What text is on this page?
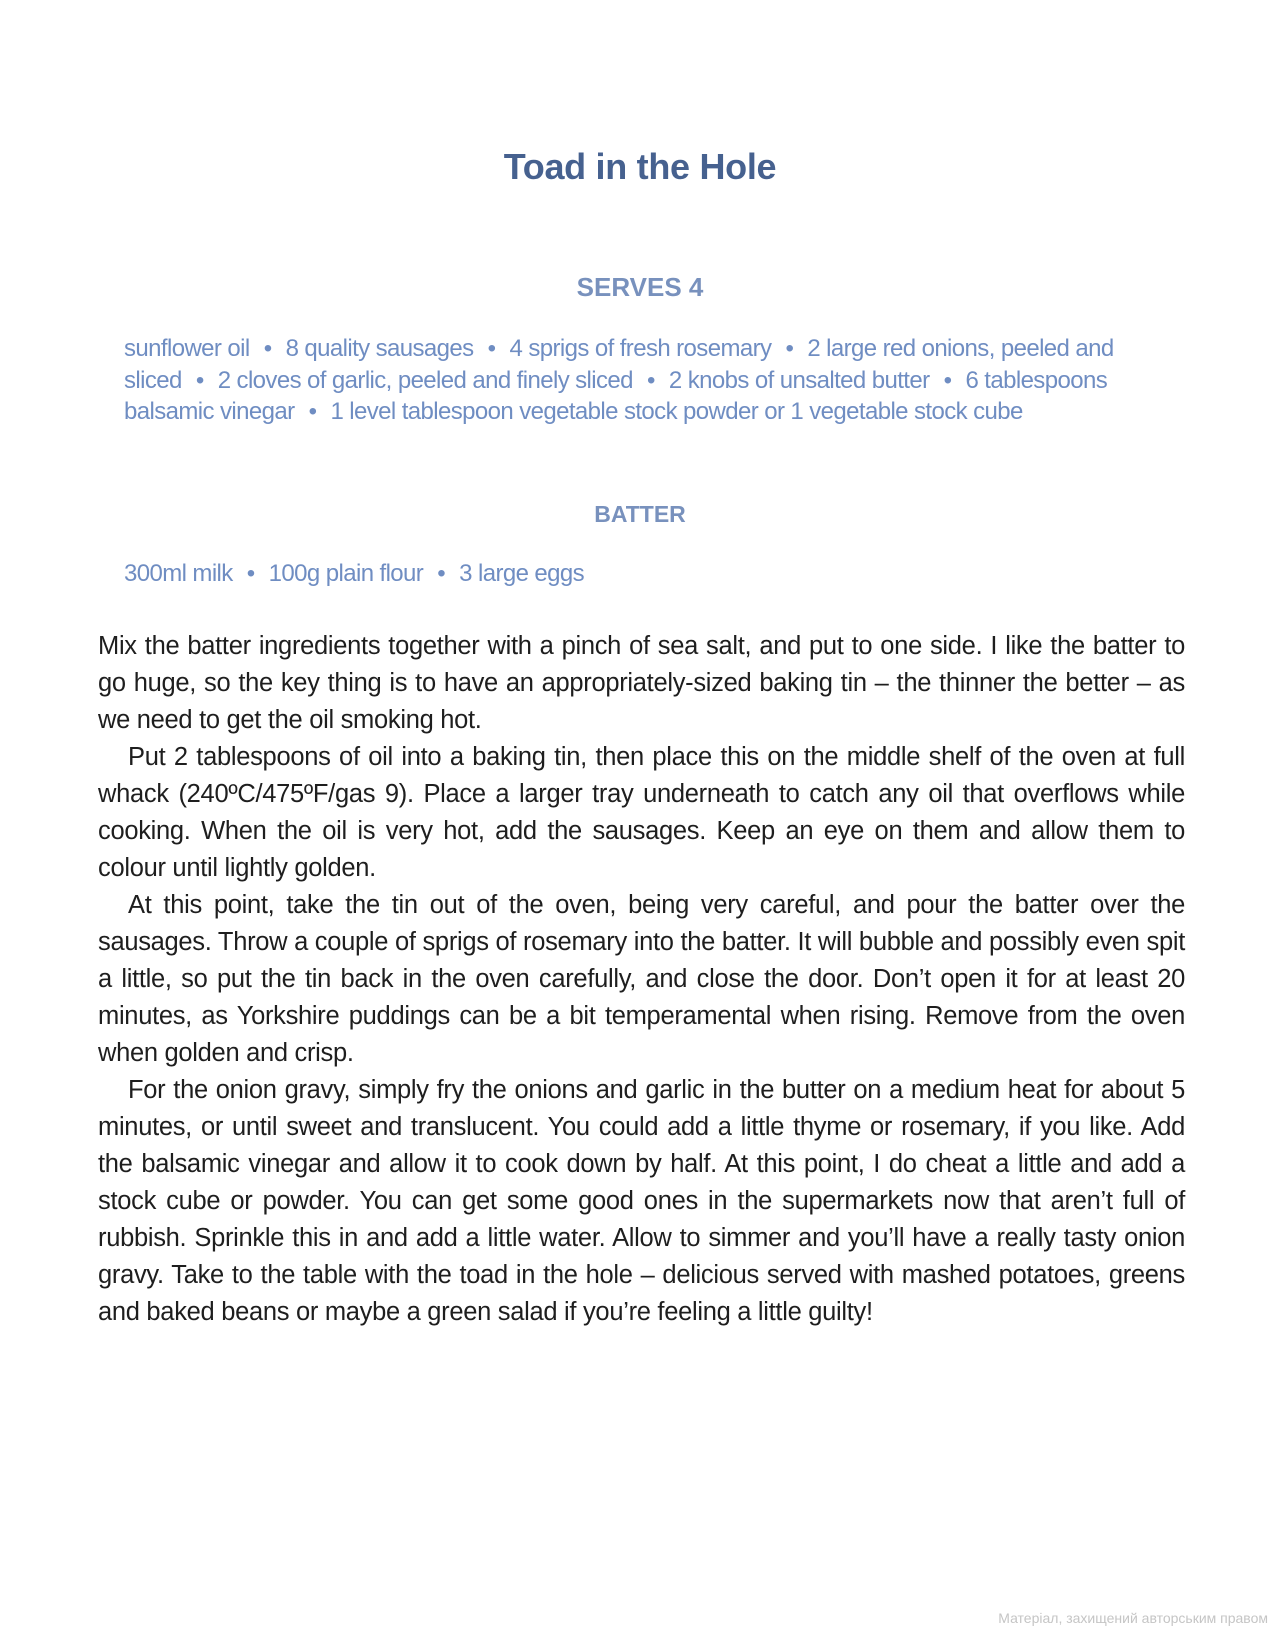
Toad in the Hole
SERVES 4
sunflower oil • 8 quality sausages • 4 sprigs of fresh rosemary • 2 large red onions, peeled and sliced • 2 cloves of garlic, peeled and finely sliced • 2 knobs of unsalted butter • 6 tablespoons balsamic vinegar • 1 level tablespoon vegetable stock powder or 1 vegetable stock cube
BATTER
300ml milk • 100g plain flour • 3 large eggs

Mix the batter ingredients together with a pinch of sea salt, and put to one side. I like the batter to go huge, so the key thing is to have an appropriately-sized baking tin – the thinner the better – as we need to get the oil smoking hot.

Put 2 tablespoons of oil into a baking tin, then place this on the middle shelf of the oven at full whack (240ºC/475ºF/gas 9). Place a larger tray underneath to catch any oil that overflows while cooking. When the oil is very hot, add the sausages. Keep an eye on them and allow them to colour until lightly golden.

At this point, take the tin out of the oven, being very careful, and pour the batter over the sausages. Throw a couple of sprigs of rosemary into the batter. It will bubble and possibly even spit a little, so put the tin back in the oven carefully, and close the door. Don’t open it for at least 20 minutes, as Yorkshire puddings can be a bit temperamental when rising. Remove from the oven when golden and crisp.

For the onion gravy, simply fry the onions and garlic in the butter on a medium heat for about 5 minutes, or until sweet and translucent. You could add a little thyme or rosemary, if you like. Add the balsamic vinegar and allow it to cook down by half. At this point, I do cheat a little and add a stock cube or powder. You can get some good ones in the supermarkets now that aren’t full of rubbish. Sprinkle this in and add a little water. Allow to simmer and you’ll have a really tasty onion gravy. Take to the table with the toad in the hole – delicious served with mashed potatoes, greens and baked beans or maybe a green salad if you’re feeling a little guilty!

Матеріал, захищений авторським правом
